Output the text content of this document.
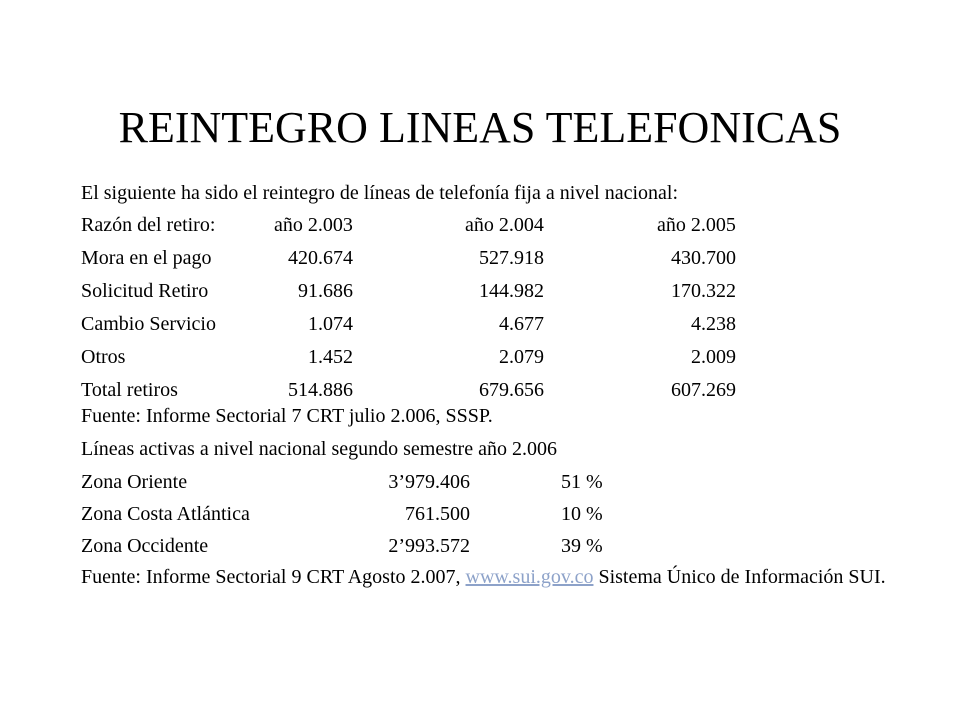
REINTEGRO LINEAS TELEFONICAS
El siguiente ha sido el reintegro de líneas de telefonía fija a nivel nacional:
Razón del retiro:	año 2.003	año 2.004	año 2.005
Mora en el pago	420.674	527.918	430.700
Solicitud Retiro	91.686	144.982	170.322
Cambio Servicio	1.074	4.677	4.238
Otros	1.452	2.079	2.009
Total retiros	514.886	679.656	607.269
Fuente: Informe Sectorial 7 CRT julio 2.006, SSSP.
Líneas activas a nivel nacional segundo semestre año 2.006
Zona Oriente	3’979.406	51 %
Zona Costa Atlántica	761.500	10 %
Zona Occidente	2’993.572	39 %
Fuente: Informe Sectorial 9 CRT Agosto 2.007, www.sui.gov.co Sistema Único de Información SUI.
